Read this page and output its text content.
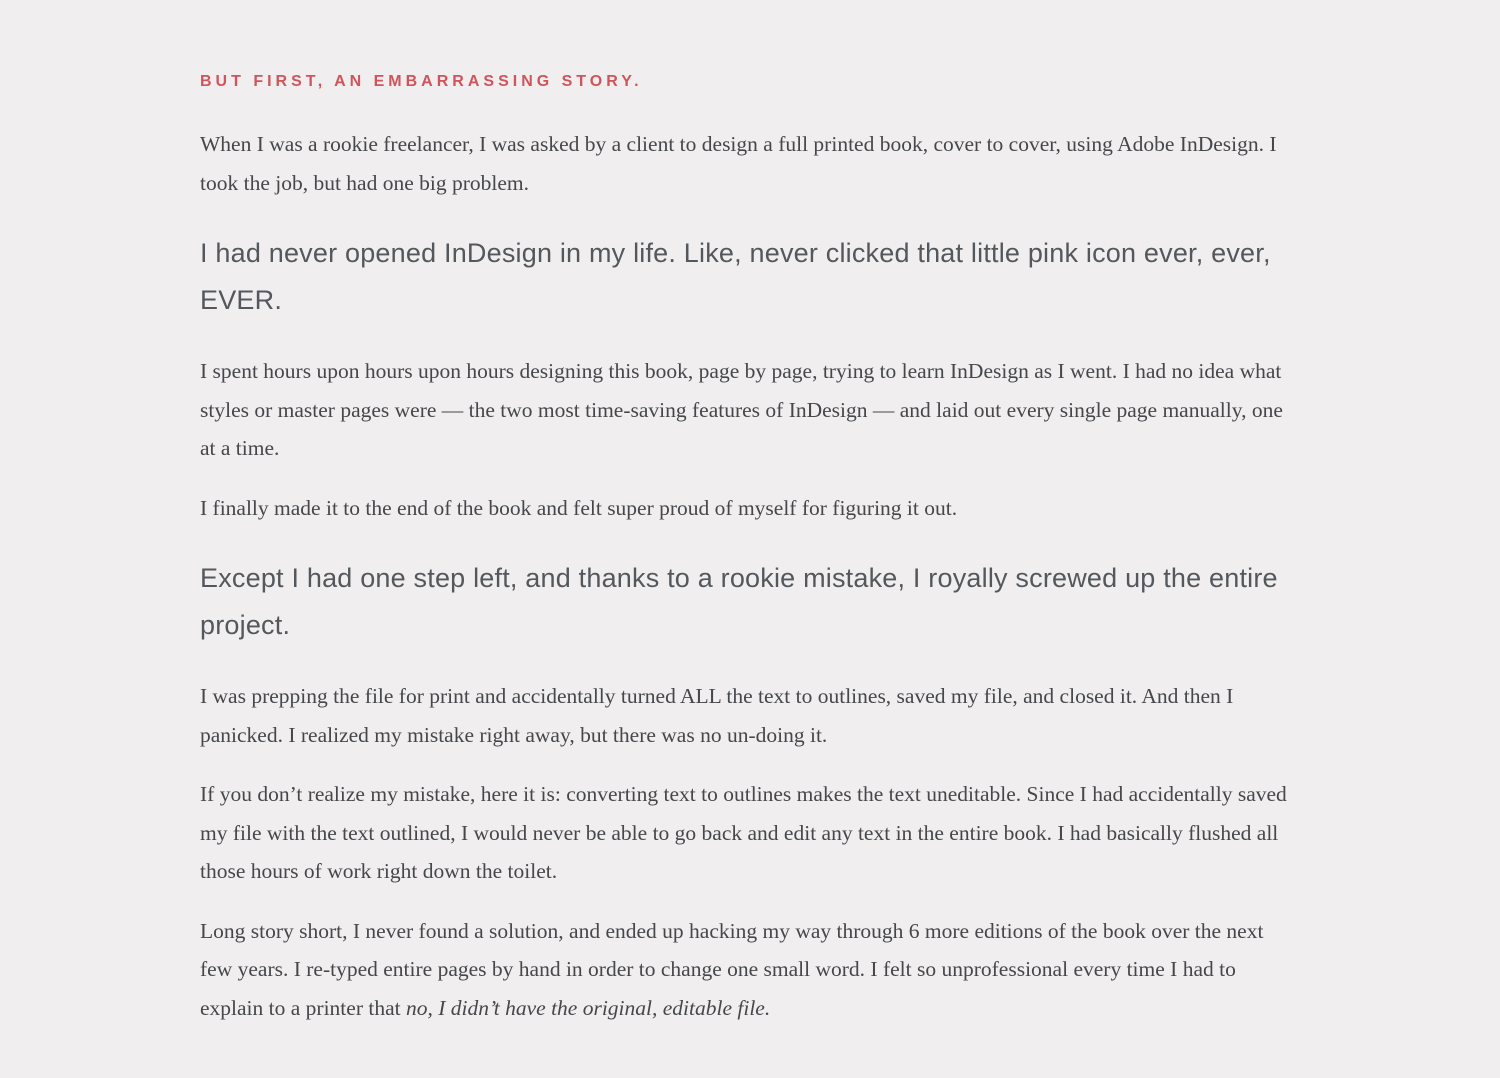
BUT FIRST, AN EMBARRASSING STORY.

When I was a rookie freelancer, I was asked by a client to design a full printed book, cover to cover, using Adobe InDesign. I took the job, but had one big problem.

I had never opened InDesign in my life. Like, never clicked that little pink icon ever, ever, EVER.

I spent hours upon hours upon hours designing this book, page by page, trying to learn InDesign as I went. I had no idea what styles or master pages were — the two most time-saving features of InDesign — and laid out every single page manually, one at a time.

I finally made it to the end of the book and felt super proud of myself for figuring it out.

Except I had one step left, and thanks to a rookie mistake, I royally screwed up the entire project.

I was prepping the file for print and accidentally turned ALL the text to outlines, saved my file, and closed it. And then I panicked. I realized my mistake right away, but there was no un-doing it.

If you don’t realize my mistake, here it is: converting text to outlines makes the text uneditable. Since I had accidentally saved my file with the text outlined, I would never be able to go back and edit any text in the entire book. I had basically flushed all those hours of work right down the toilet.

Long story short, I never found a solution, and ended up hacking my way through 6 more editions of the book over the next few years. I re-typed entire pages by hand in order to change one small word. I felt so unprofessional every time I had to explain to a printer that no, I didn’t have the original, editable file.
